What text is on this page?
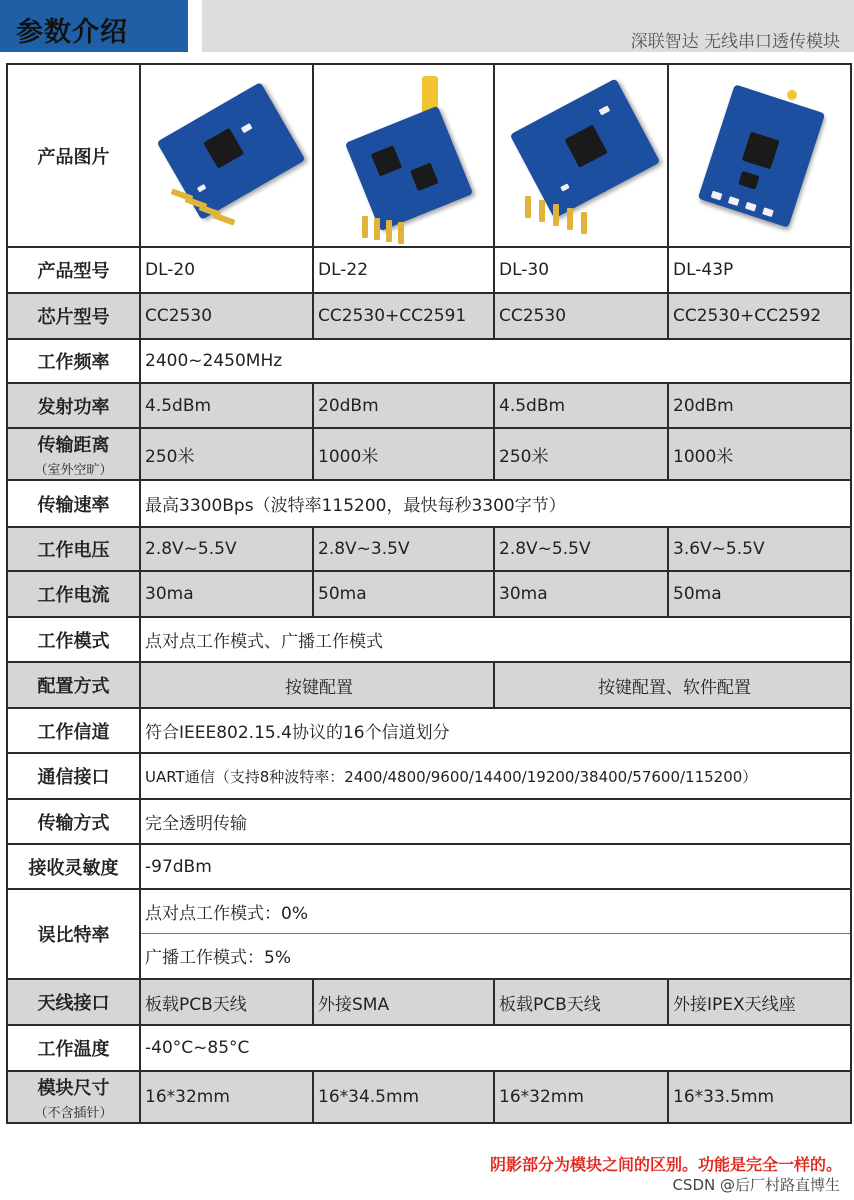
参数介绍	深联智达 无线串口透传模块
产品图片	

产品型号	DL-20	DL-22	DL-30	DL-43P
芯片型号	CC2530	CC2530+CC2591	CC2530	CC2530+CC2592
工作频率	2400~2450MHz			
发射功率	4.5dBm	20dBm	4.5dBm	20dBm
传输距离
（室外空旷）	250米	1000米	250米	1000米
传输速率	最高3300Bps（波特率115200，最快每秒3300字节）			
工作电压	2.8V~5.5V	2.8V~3.5V	2.8V~5.5V	3.6V~5.5V
工作电流	30ma	50ma	30ma	50ma
工作模式	点对点工作模式、广播工作模式			
配置方式	按键配置		按键配置、软件配置	
工作信道	符合IEEE802.15.4协议的16个信道划分			
通信接口	UART通信（支持8种波特率：2400/4800/9600/14400/19200/38400/57600/115200）			
传输方式	完全透明传输			
接收灵敏度	-97dBm			
误比特率	点对点工作模式：0%			
	广播工作模式：5%			
天线接口	板载PCB天线	外接SMA	板载PCB天线	外接IPEX天线座
工作温度	-40°C~85°C			
模块尺寸
（不含插针）	16*32mm	16*34.5mm	16*32mm	16*33.5mm
阴影部分为模块之间的区别。功能是完全一样的。
CSDN @后厂村路直博生
